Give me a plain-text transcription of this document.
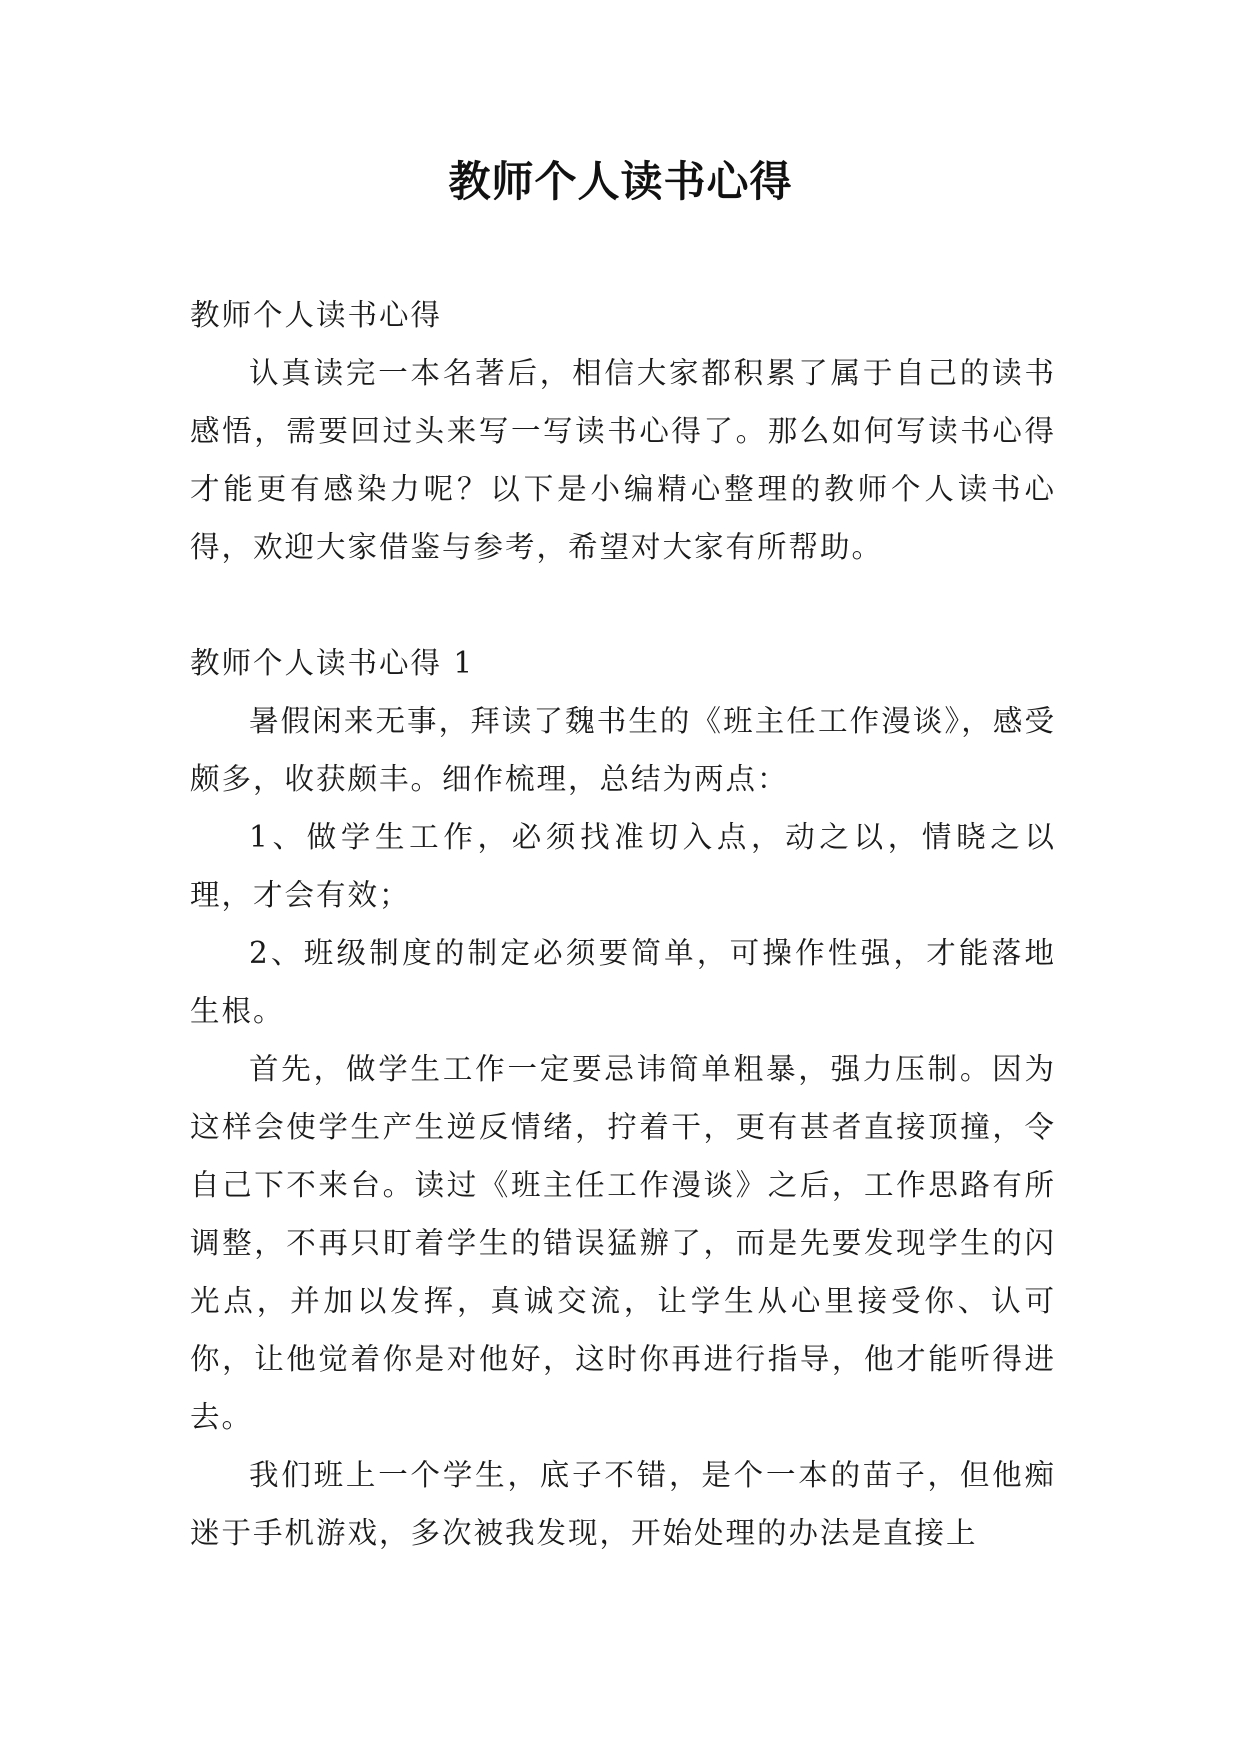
教师个人读书心得

教师个人读书心得

认真读完一本名著后，相信大家都积累了属于自己的读书感悟，需要回过头来写一写读书心得了。那么如何写读书心得才能更有感染力呢？以下是小编精心整理的教师个人读书心得，欢迎大家借鉴与参考，希望对大家有所帮助。

教师个人读书心得 1

暑假闲来无事，拜读了魏书生的《班主任工作漫谈》，感受颇多，收获颇丰。细作梳理，总结为两点：

1、做学生工作，必须找准切入点，动之以，情晓之以理，才会有效；

2、班级制度的制定必须要简单，可操作性强，才能落地生根。

首先，做学生工作一定要忌讳简单粗暴，强力压制。因为这样会使学生产生逆反情绪，拧着干，更有甚者直接顶撞，令自己下不来台。读过《班主任工作漫谈》之后，工作思路有所调整，不再只盯着学生的错误猛辦了，而是先要发现学生的闪光点，并加以发挥，真诚交流，让学生从心里接受你、认可你，让他觉着你是对他好，这时你再进行指导，他才能听得进去。

我们班上一个学生，底子不错，是个一本的苗子，但他痴迷于手机游戏，多次被我发现，开始处理的办法是直接上
